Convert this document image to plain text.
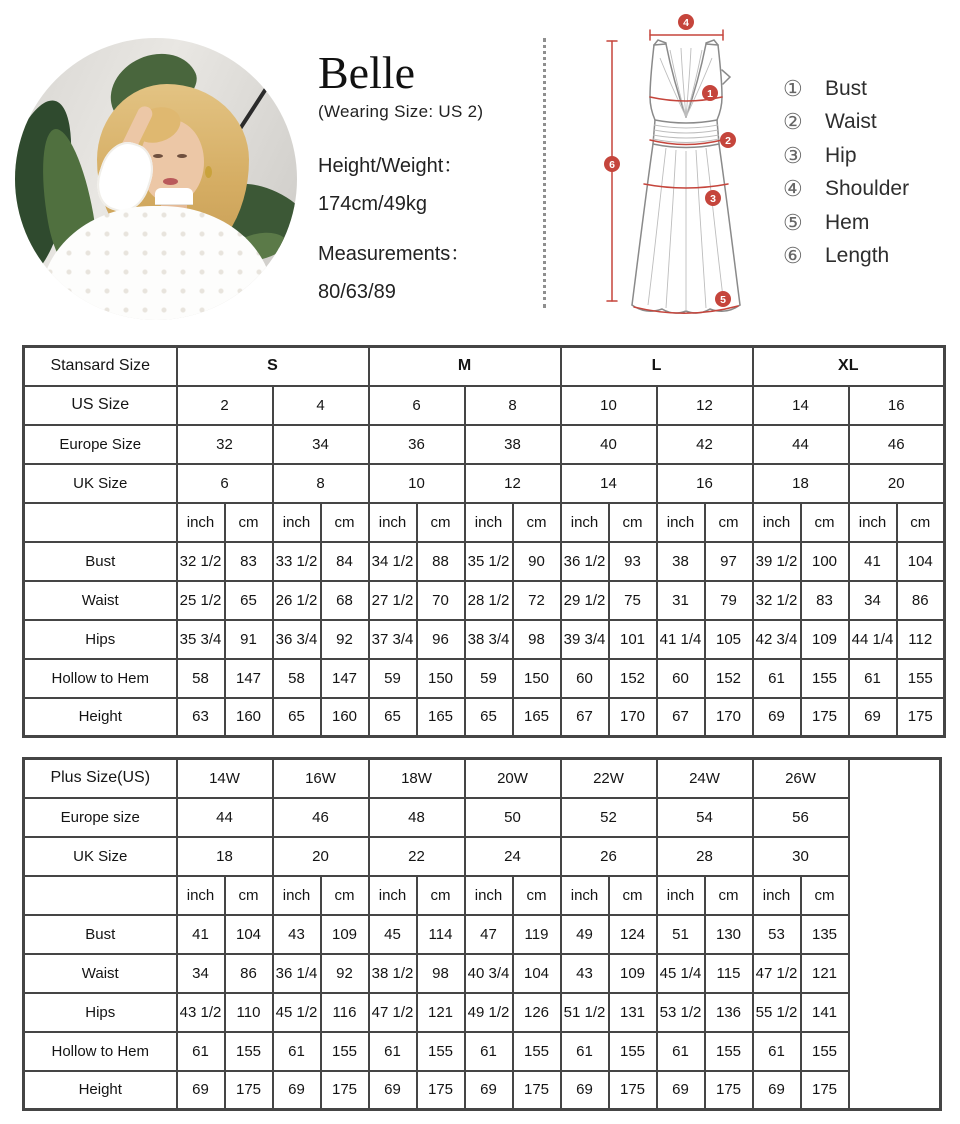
Belle
(Wearing Size: US 2)
Height/Weight：
174cm/49kg
Measurements：
80/63/89
4
6
1
2
3
5
①	Bust
②	Waist
③	Hip
④	Shoulder
⑤	Hem
⑥	Length
Stansard Size	S				M				L				XL			
US Size	2		4		6		8		10		12		14		16	
Europe Size	32		34		36		38		40		42		44		46	
UK Size	6		8		10		12		14		16		18		20	
	inch	cm	inch	cm	inch	cm	inch	cm	inch	cm	inch	cm	inch	cm	inch	cm
Bust	32 1/2	83	33 1/2	84	34 1/2	88	35 1/2	90	36 1/2	93	38	97	39 1/2	100	41	104
Waist	25 1/2	65	26 1/2	68	27 1/2	70	28 1/2	72	29 1/2	75	31	79	32 1/2	83	34	86
Hips	35 3/4	91	36 3/4	92	37 3/4	96	38 3/4	98	39 3/4	101	41 1/4	105	42 3/4	109	44 1/4	112
Hollow to Hem	58	147	58	147	59	150	59	150	60	152	60	152	61	155	61	155
Height	63	160	65	160	65	165	65	165	67	170	67	170	69	175	69	175
Plus Size(US)	14W		16W		18W		20W		22W		24W		26W		
Europe size	44		46		48		50		52		54		56		
UK Size	18		20		22		24		26		28		30		
	inch	cm	inch	cm	inch	cm	inch	cm	inch	cm	inch	cm	inch	cm	
Bust	41	104	43	109	45	114	47	119	49	124	51	130	53	135	
Waist	34	86	36 1/4	92	38 1/2	98	40 3/4	104	43	109	45 1/4	115	47 1/2	121	
Hips	43 1/2	110	45 1/2	116	47 1/2	121	49 1/2	126	51 1/2	131	53 1/2	136	55 1/2	141	
Hollow to Hem	61	155	61	155	61	155	61	155	61	155	61	155	61	155	
Height	69	175	69	175	69	175	69	175	69	175	69	175	69	175	
